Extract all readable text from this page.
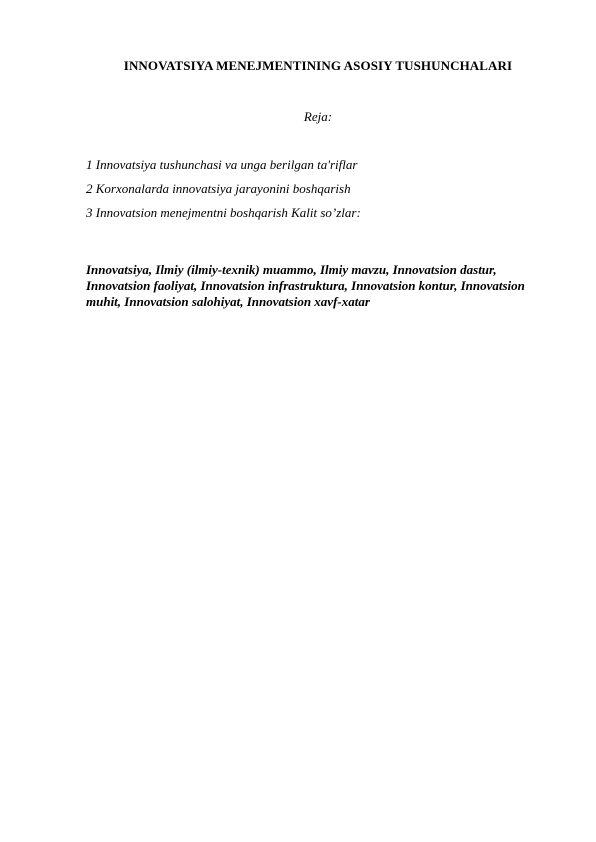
INNOVATSIYA MENEJMENTINING ASOSIY TUSHUNCHALARI
Reja:
1 Innovatsiya tushunchasi va unga berilgan ta'riflar
2 Korxonalarda innovatsiya jarayonini boshqarish
3 Innovatsion menejmentni boshqarish Kalit so’zlar:
Innovatsiya, Ilmiy (ilmiy-texnik) muammo, Ilmiy mavzu, Innovatsion dastur, Innovatsion faoliyat, Innovatsion infrastruktura, Innovatsion kontur, Innovatsion muhit, Innovatsion salohiyat, Innovatsion xavf-xatar
